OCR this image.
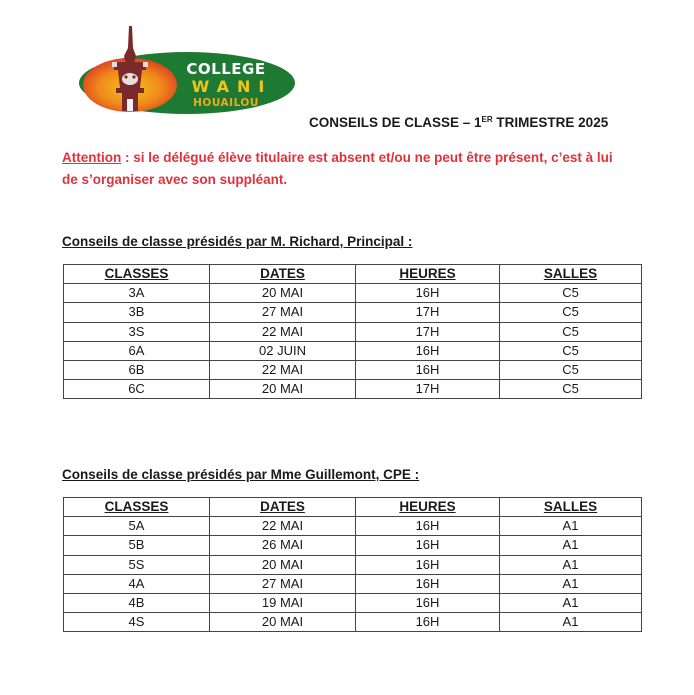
COLLEGE
WANI
HOUAILOU
CONSEILS DE CLASSE – 1ER TRIMESTRE 2025
Attention : si le délégué élève titulaire est absent et/ou ne peut être présent, c’est à lui de s’organiser avec son suppléant.
Conseils de classe présidés par M. Richard, Principal :
CLASSES	DATES	HEURES	SALLES
3A	20 MAI	16H	C5
3B	27 MAI	17H	C5
3S	22 MAI	17H	C5
6A	02 JUIN	16H	C5
6B	22 MAI	16H	C5
6C	20 MAI	17H	C5
Conseils de classe présidés par Mme Guillemont, CPE :
CLASSES	DATES	HEURES	SALLES
5A	22 MAI	16H	A1
5B	26 MAI	16H	A1
5S	20 MAI	16H	A1
4A	27 MAI	16H	A1
4B	19 MAI	16H	A1
4S	20 MAI	16H	A1
